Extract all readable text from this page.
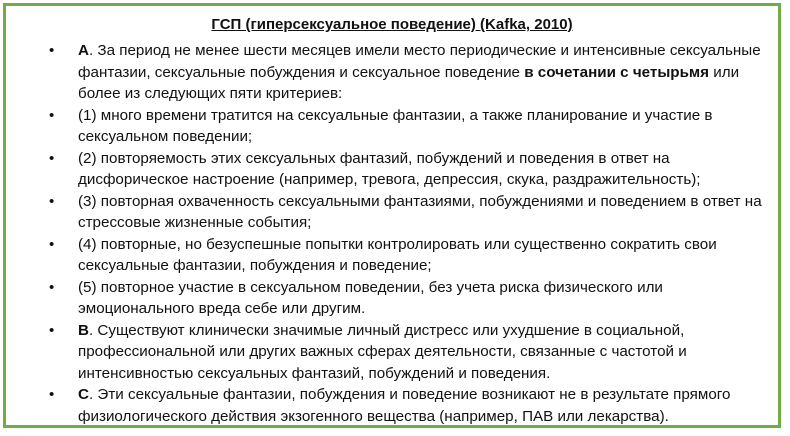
ГСП (гиперсексуальное поведение) (Kafka, 2010)
• А. За период не менее шести месяцев имели место периодические и интенсивные сексуальные фантазии, сексуальные побуждения и сексуальное поведение в сочетании с четырьмя или более из следующих пяти критериев:
• (1) много времени тратится на сексуальные фантазии, а также планирование и участие в сексуальном поведении;
• (2) повторяемость этих сексуальных фантазий, побуждений и поведения в ответ на дисфорическое настроение (например, тревога, депрессия, скука, раздражительность);
• (3) повторная охваченность сексуальными фантазиями, побуждениями и поведением в ответ на стрессовые жизненные события;
• (4) повторные, но безуспешные попытки контролировать или существенно сократить свои сексуальные фантазии, побуждения и поведение;
• (5) повторное участие в сексуальном поведении, без учета риска физического или эмоционального вреда себе или другим.
• В. Существуют клинически значимые личный дистресс или ухудшение в социальной, профессиональной или других важных сферах деятельности, связанные с частотой и интенсивностью сексуальных фантазий, побуждений и поведения.
• С. Эти сексуальные фантазии, побуждения и поведение возникают не в результате прямого физиологического действия экзогенного вещества (например, ПАВ или лекарства).
